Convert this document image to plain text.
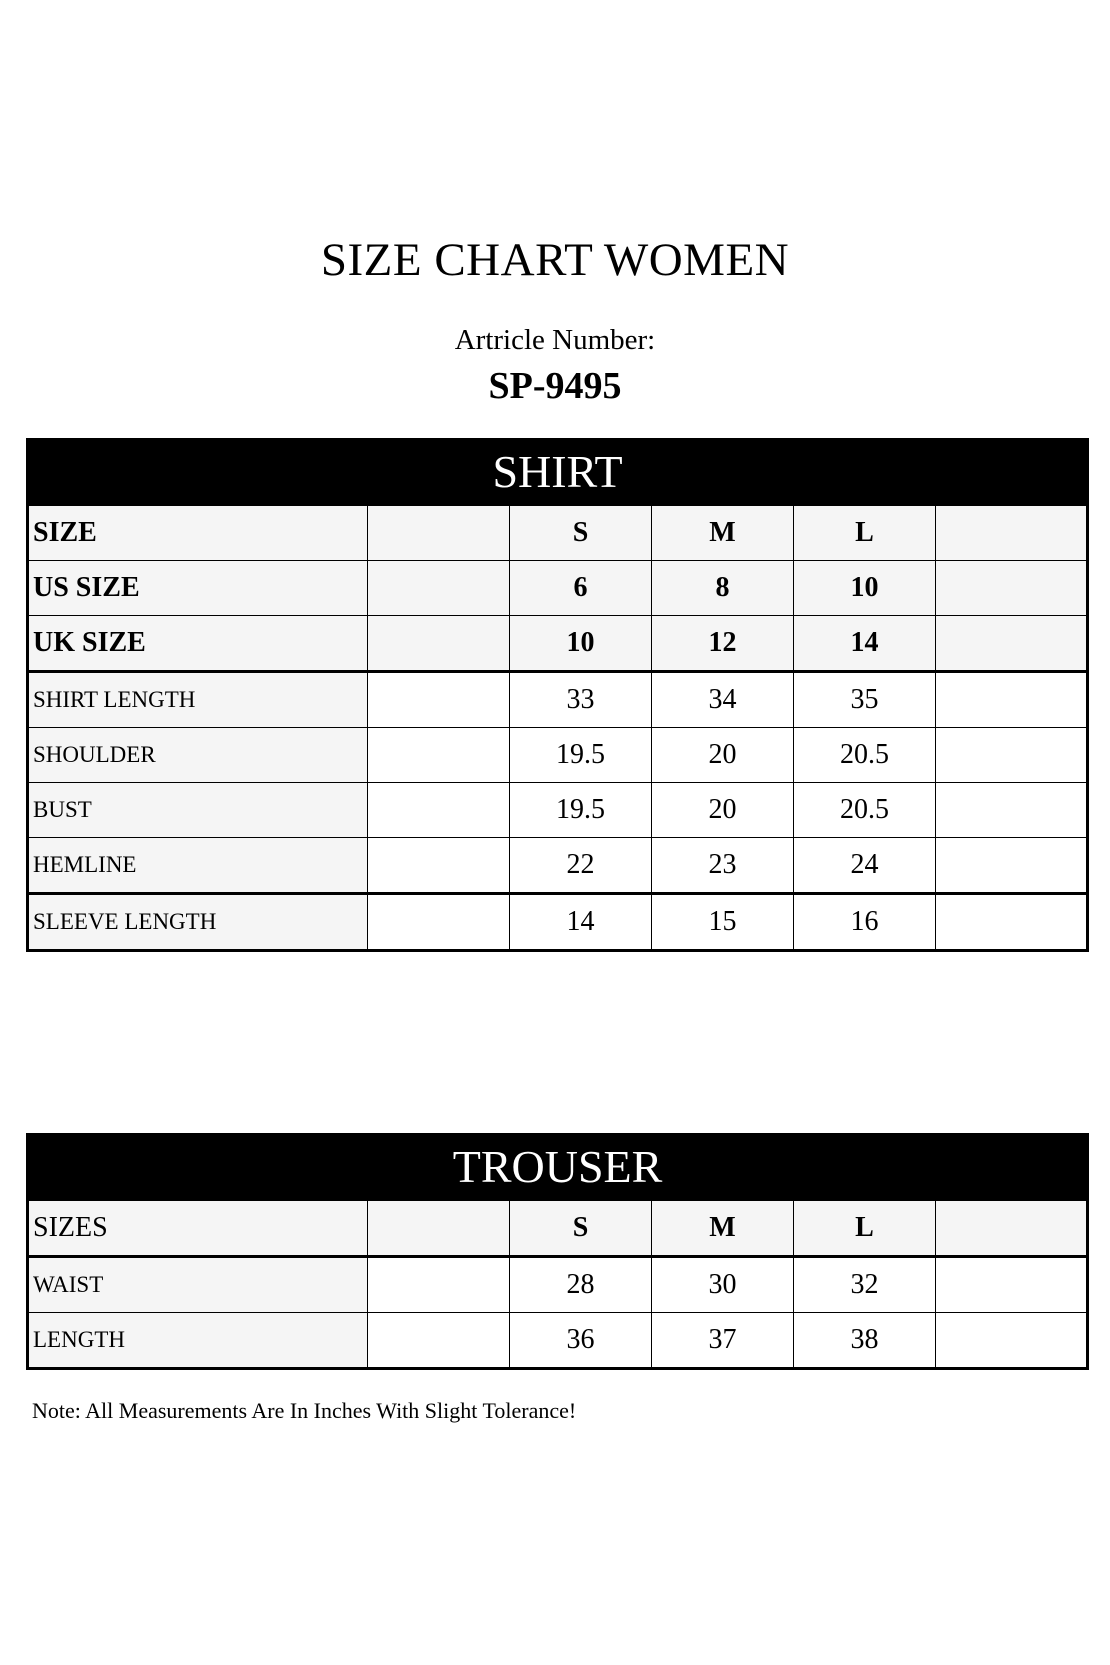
SIZE CHART WOMEN
Artricle Number:
SP-9495
SHIRT					
SIZE		S	M	L	
US SIZE		6	8	10	
UK SIZE		10	12	14	
SHIRT LENGTH		33	34	35	
SHOULDER		19.5	20	20.5	
BUST		19.5	20	20.5	
HEMLINE		22	23	24	
SLEEVE LENGTH		14	15	16	
TROUSER					
SIZES		S	M	L	
WAIST		28	30	32	
LENGTH		36	37	38	
Note: All Measurements Are In Inches With Slight Tolerance!
